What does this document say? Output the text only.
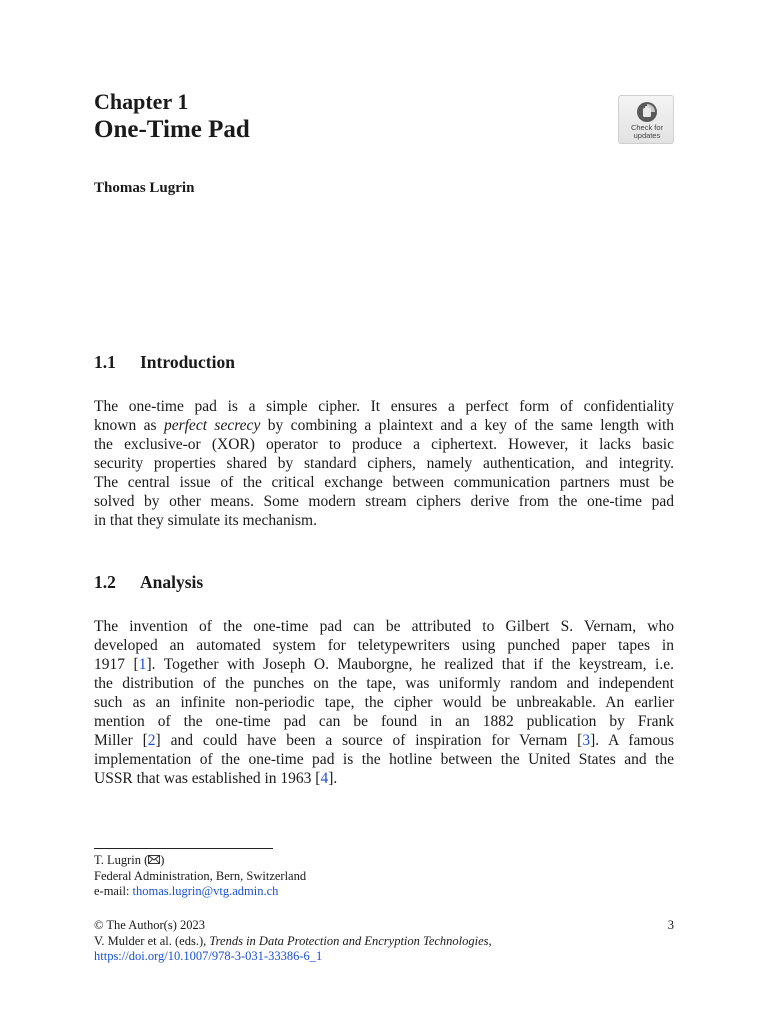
Chapter 1
One-Time Pad	Check for
updates
Thomas Lugrin
1.1 Introduction
The one-time pad is a simple cipher. It ensures a perfect form of confidentiality
known as perfect secrecy by combining a plaintext and a key of the same length with
the exclusive-or (XOR) operator to produce a ciphertext. However, it lacks basic
security properties shared by standard ciphers, namely authentication, and integrity.
The central issue of the critical exchange between communication partners must be
solved by other means. Some modern stream ciphers derive from the one-time pad
in that they simulate its mechanism.
1.2 Analysis
The invention of the one-time pad can be attributed to Gilbert S. Vernam, who
developed an automated system for teletypewriters using punched paper tapes in
1917 [1]. Together with Joseph O. Mauborgne, he realized that if the keystream, i.e.
the distribution of the punches on the tape, was uniformly random and independent
such as an infinite non-periodic tape, the cipher would be unbreakable. An earlier
mention of the one-time pad can be found in an 1882 publication by Frank
Miller [2] and could have been a source of inspiration for Vernam [3]. A famous
implementation of the one-time pad is the hotline between the United States and the
USSR that was established in 1963 [4].
T. Lugrin ( )
Federal Administration, Bern, Switzerland
e-mail: thomas.lugrin@vtg.admin.ch
© The Author(s) 2023	3
V. Mulder et al. (eds.), Trends in Data Protection and Encryption Technologies,
https://doi.org/10.1007/978-3-031-33386-6_1
